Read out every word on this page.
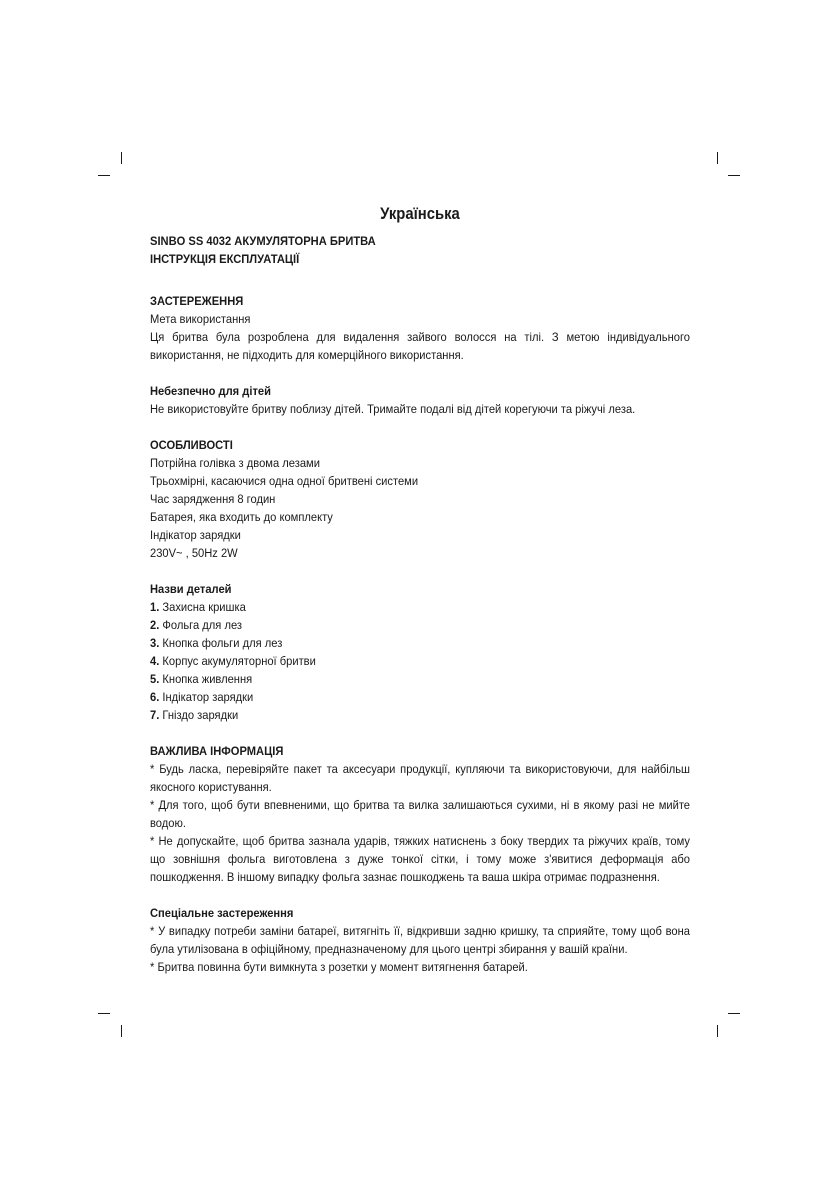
Українська

SINBO SS 4032 АКУМУЛЯТОРНА БРИТВА

ІНСТРУКЦІЯ ЕКСПЛУАТАЦІЇ

ЗАСТЕРЕЖЕННЯ

Мета використання

Ця бритва була розроблена для видалення зайвого волосся на тілі. З метою індивідуального використання, не підходить для комерційного використання.

Небезпечно для дітей

Не використовуйте бритву поблизу дітей. Тримайте подалі від дітей корегуючи та ріжучі леза.

ОСОБЛИВОСТІ

Потрійна голівка з двома лезами

Трьохмірні, касаючися одна одної бритвені системи

Час зарядження 8 годин

Батарея, яка входить до комплекту

Індікатор зарядки

230V~ , 50Hz 2W

Назви деталей

1. Захисна кришка

2. Фольга для лез

3. Кнопка фольги для лез

4. Корпус акумуляторної бритви

5. Кнопка живлення

6. Індікатор зарядки

7. Гніздо зарядки

ВАЖЛИВА ІНФОРМАЦІЯ

* Будь ласка, перевіряйте пакет та аксесуари продукції, купляючи та використовуючи, для найбільш якосного користування.

* Для того, щоб бути впевненими, що бритва та вилка залишаються сухими, ні в якому разі не мийте водою.

* Не допускайте, щоб бритва зазнала ударів, тяжких натиснень з боку твердих та ріжучих країв, тому що зовнішня фольга виготовлена з дуже тонкої сітки, і тому може з'явитися деформація або пошкодження. В іншому випадку фольга зазнає пошкоджень та ваша шкіра отримає подразнення.

Спеціальне застереження

* У випадку потреби заміни батареї, витягніть її, відкривши задню кришку, та сприяйте, тому щоб вона була утилізована в офіційному, предназначеному для цього центрі збирання у вашій країни.

* Бритва повинна бути вимкнута з розетки у момент витягнення батарей.
